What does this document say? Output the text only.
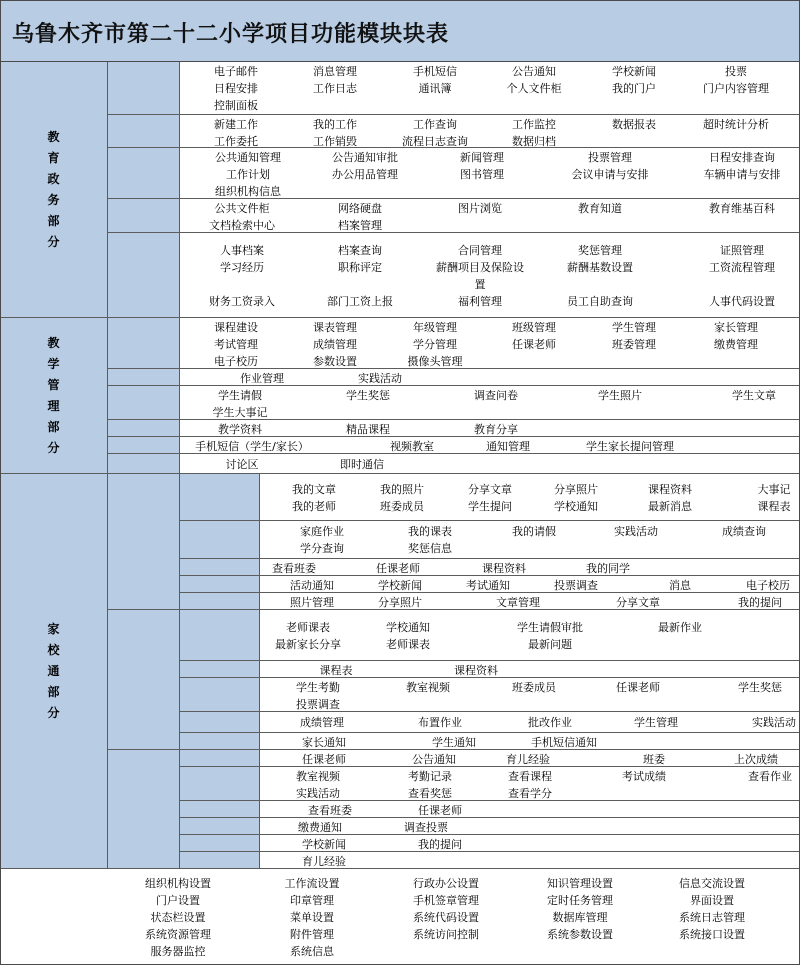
乌鲁木齐市第二十二小学项目功能模块块表
教育政务部分
电子邮件	消息管理	手机短信	公告通知	学校新闻	投票
日程安排	工作日志	通讯簿	个人文件柜	我的门户	门户内容管理
控制面板
新建工作	我的工作	工作查询	工作监控	数据报表	超时统计分析
工作委托	工作销毁	流程日志查询	数据归档
公共通知管理	公告通知审批	新闻管理	投票管理	日程安排查询
工作计划	办公用品管理	图书管理	会议申请与安排	车辆申请与安排
组织机构信息
公共文件柜	网络硬盘	图片浏览	教育知道	教育维基百科
文档检索中心	档案管理
人事档案	档案查询	合同管理	奖惩管理	证照管理
学习经历	职称评定	薪酬项目及保险设	薪酬基数设置	工资流程管理
置
财务工资录入	部门工资上报	福利管理	员工自助查询	人事代码设置
教学管理部分
课程建设	课表管理	年级管理	班级管理	学生管理	家长管理
考试管理	成绩管理	学分管理	任课老师	班委管理	缴费管理
电子校历	参数设置	摄像头管理
作业管理	实践活动
学生请假	学生奖惩	调查问卷	学生照片	学生文章
学生大事记
教学资料	精品课程	教育分享
手机短信（学生/家长）	视频教室	通知管理	学生家长提问管理
讨论区	即时通信
家校通部分
我的文章	我的照片	分享文章	分享照片	课程资料	大事记
我的老师	班委成员	学生提问	学校通知	最新消息	课程表
家庭作业	我的课表	我的请假	实践活动	成绩查询
学分查询	奖惩信息
查看班委	任课老师	课程资料	我的同学
活动通知	学校新闻	考试通知	投票调查	消息	电子校历
照片管理	分享照片	文章管理	分享文章	我的提问
老师课表	学校通知	学生请假审批	最新作业
最新家长分享	老师课表	最新问题
课程表	课程资料
学生考勤	教室视频	班委成员	任课老师	学生奖惩
投票调查
成绩管理	布置作业	批改作业	学生管理	实践活动
家长通知	学生通知	手机短信通知
任课老师	公告通知	育儿经验	班委	上次成绩
教室视频	考勤记录	查看课程	考试成绩	查看作业
实践活动	查看奖惩	查看学分
查看班委	任课老师
缴费通知	调查投票
学校新闻	我的提问
育儿经验
组织机构设置	工作流设置	行政办公设置	知识管理设置	信息交流设置
门户设置	印章管理	手机签章管理	定时任务管理	界面设置
状态栏设置	菜单设置	系统代码设置	数据库管理	系统日志管理
系统资源管理	附件管理	系统访问控制	系统参数设置	系统接口设置
服务器监控	系统信息
